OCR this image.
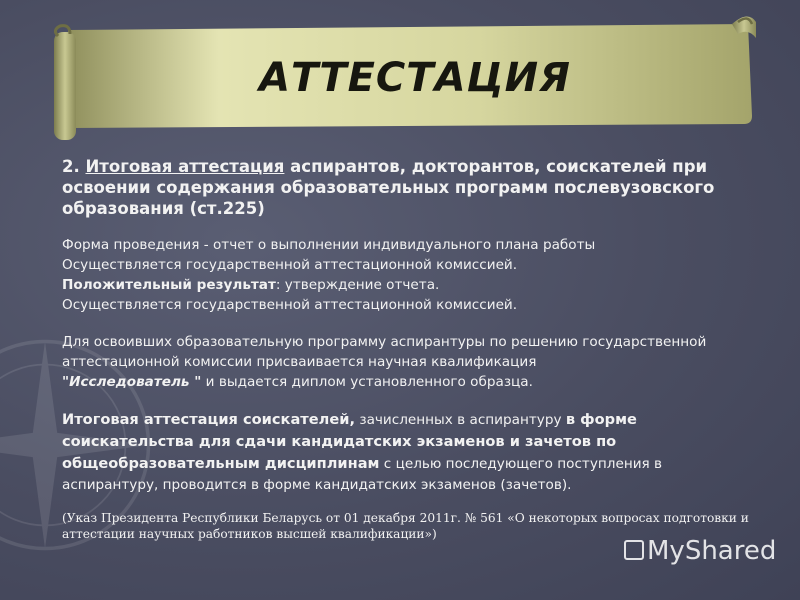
АТТЕСТАЦИЯ

2. Итоговая аттестация аспирантов, докторантов, соискателей при освоении содержания образовательных программ послевузовского образования (ст.225)

Форма проведения - отчет о выполнении индивидуального плана работы
Осуществляется государственной аттестационной комиссией.
Положительный результат: утверждение отчета.
Осуществляется государственной аттестационной комиссией.

Для освоивших образовательную программу аспирантуры по решению государственной аттестационной комиссии присваивается научная квалификация
"Исследователь " и выдается диплом установленного образца.

Итоговая аттестация соискателей, зачисленных в аспирантуру в форме соискательства для сдачи кандидатских экзаменов и зачетов по общеобразовательным дисциплинам с целью последующего поступления в аспирантуру, проводится в форме кандидатских экзаменов (зачетов).

(Указ Президента Республики Беларусь от 01 декабря 2011г. № 561 «О некоторых вопросах подготовки и аттестации научных работников высшей квалификации»)

MyShared
